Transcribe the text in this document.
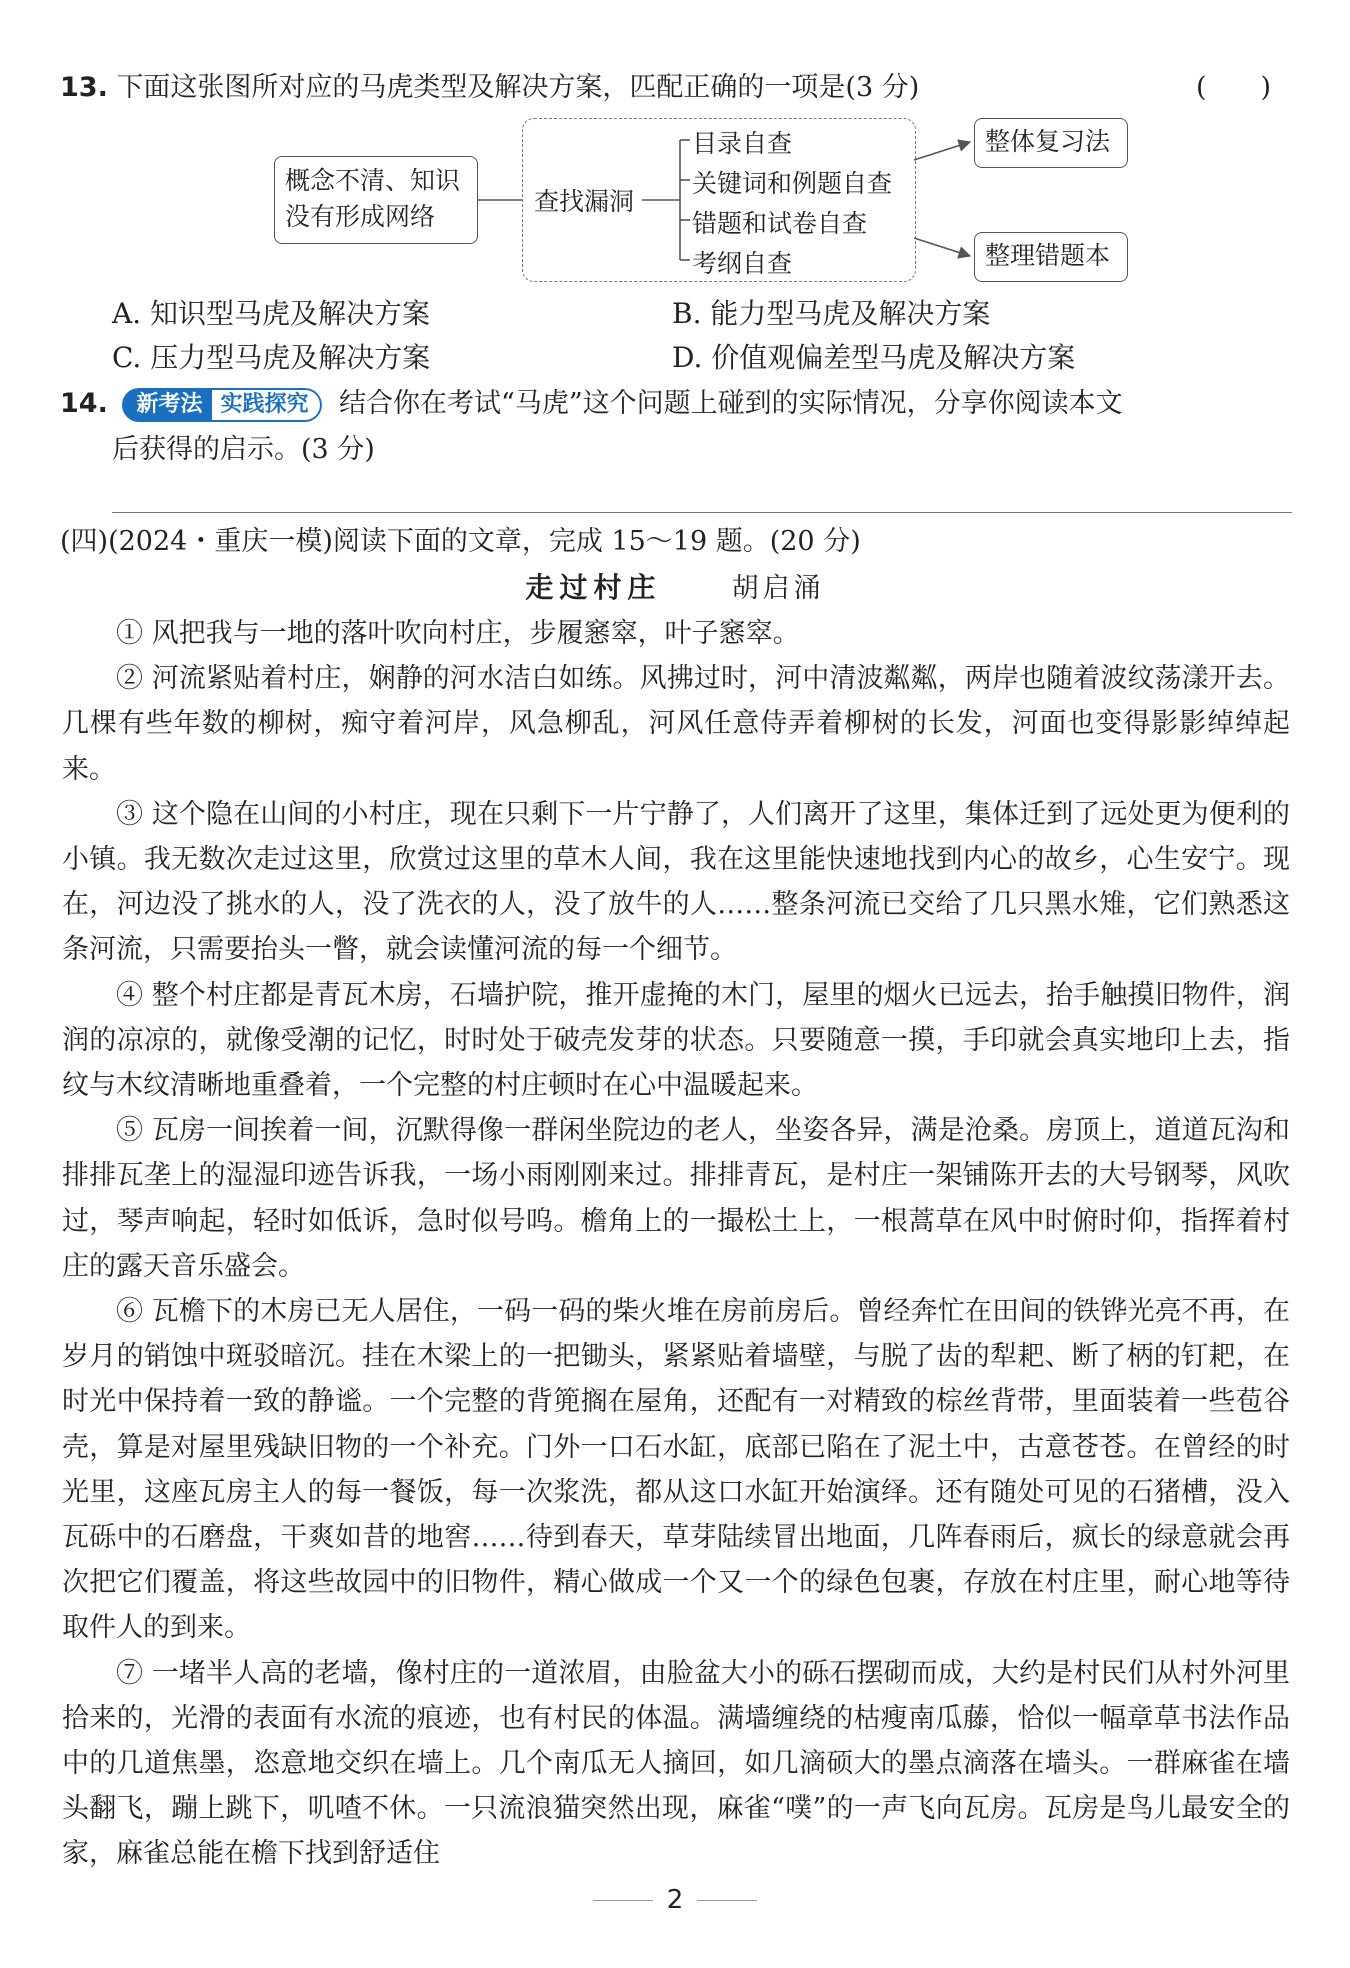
13. 下面这张图所对应的马虎类型及解决方案，匹配正确的一项是(3 分)	(　　)
概念不清、知识
没有形成网络
查找漏洞
目录自查
关键词和例题自查
错题和试卷自查
考纲自查
整体复习法
整理错题本
A. 知识型马虎及解决方案	B. 能力型马虎及解决方案
C. 压力型马虎及解决方案	D. 价值观偏差型马虎及解决方案
14.	新考法 实践探究	结合你在考试“马虎”这个问题上碰到的实际情况，分享你阅读本文
后获得的启示。(3 分)
(四)(2024・重庆一模)阅读下面的文章，完成 15～19 题。(20 分)
走过村庄	胡启涌

① 风把我与一地的落叶吹向村庄，步履窸窣，叶子窸窣。

② 河流紧贴着村庄，娴静的河水洁白如练。风拂过时，河中清波粼粼，两岸也随着波纹荡漾开去。几棵有些年数的柳树，痴守着河岸，风急柳乱，河风任意侍弄着柳树的长发，河面也变得影影绰绰起来。

③ 这个隐在山间的小村庄，现在只剩下一片宁静了，人们离开了这里，集体迁到了远处更为便利的小镇。我无数次走过这里，欣赏过这里的草木人间，我在这里能快速地找到内心的故乡，心生安宁。现在，河边没了挑水的人，没了洗衣的人，没了放牛的人……整条河流已交给了几只黑水雉，它们熟悉这条河流，只需要抬头一瞥，就会读懂河流的每一个细节。

④ 整个村庄都是青瓦木房，石墙护院，推开虚掩的木门，屋里的烟火已远去，抬手触摸旧物件，润润的凉凉的，就像受潮的记忆，时时处于破壳发芽的状态。只要随意一摸，手印就会真实地印上去，指纹与木纹清晰地重叠着，一个完整的村庄顿时在心中温暖起来。

⑤ 瓦房一间挨着一间，沉默得像一群闲坐院边的老人，坐姿各异，满是沧桑。房顶上，道道瓦沟和排排瓦垄上的湿湿印迹告诉我，一场小雨刚刚来过。排排青瓦，是村庄一架铺陈开去的大号钢琴，风吹过，琴声响起，轻时如低诉，急时似号呜。檐角上的一撮松土上，一根蒿草在风中时俯时仰，指挥着村庄的露天音乐盛会。

⑥ 瓦檐下的木房已无人居住，一码一码的柴火堆在房前房后。曾经奔忙在田间的铁铧光亮不再，在岁月的销蚀中斑驳暗沉。挂在木梁上的一把锄头，紧紧贴着墙壁，与脱了齿的犁耙、断了柄的钉耙，在时光中保持着一致的静谧。一个完整的背篼搁在屋角，还配有一对精致的棕丝背带，里面装着一些苞谷壳，算是对屋里残缺旧物的一个补充。门外一口石水缸，底部已陷在了泥土中，古意苍苍。在曾经的时光里，这座瓦房主人的每一餐饭，每一次浆洗，都从这口水缸开始演绎。还有随处可见的石猪槽，没入瓦砾中的石磨盘，干爽如昔的地窖……待到春天，草芽陆续冒出地面，几阵春雨后，疯长的绿意就会再次把它们覆盖，将这些故园中的旧物件，精心做成一个又一个的绿色包裹，存放在村庄里，耐心地等待取件人的到来。

⑦ 一堵半人高的老墙，像村庄的一道浓眉，由脸盆大小的砾石摆砌而成，大约是村民们从村外河里拾来的，光滑的表面有水流的痕迹，也有村民的体温。满墙缠绕的枯瘦南瓜藤，恰似一幅章草书法作品中的几道焦墨，恣意地交织在墙上。几个南瓜无人摘回，如几滴硕大的墨点滴落在墙头。一群麻雀在墙头翻飞，蹦上跳下，叽喳不休。一只流浪猫突然出现，麻雀“噗”的一声飞向瓦房。瓦房是鸟儿最安全的家，麻雀总能在檐下找到舒适住

2
